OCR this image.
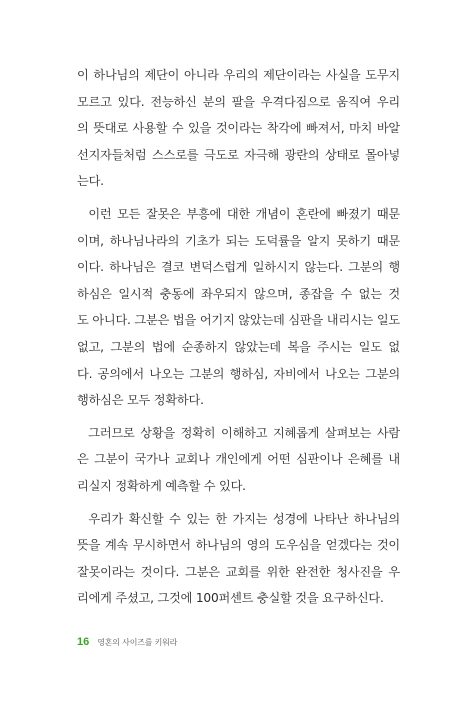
이 하나님의 제단이 아니라 우리의 제단이라는 사실을 도무지
모르고 있다. 전능하신 분의 팔을 우격다짐으로 움직여 우리
의 뜻대로 사용할 수 있을 것이라는 착각에 빠져서, 마치 바알
선지자들처럼 스스로를 극도로 자극해 광란의 상태로 몰아넣
는다.

이런 모든 잘못은 부흥에 대한 개념이 혼란에 빠졌기 때문
이며, 하나님나라의 기초가 되는 도덕률을 알지 못하기 때문
이다. 하나님은 결코 변덕스럽게 일하시지 않는다. 그분의 행
하심은 일시적 충동에 좌우되지 않으며, 종잡을 수 없는 것
도 아니다. 그분은 법을 어기지 않았는데 심판을 내리시는 일도
없고, 그분의 법에 순종하지 않았는데 복을 주시는 일도 없
다. 공의에서 나오는 그분의 행하심, 자비에서 나오는 그분의
행하심은 모두 정확하다.

그러므로 상황을 정확히 이해하고 지혜롭게 살펴보는 사람
은 그분이 국가나 교회나 개인에게 어떤 심판이나 은혜를 내
리실지 정확하게 예측할 수 있다.

우리가 확신할 수 있는 한 가지는 성경에 나타난 하나님의
뜻을 계속 무시하면서 하나님의 영의 도우심을 얻겠다는 것이
잘못이라는 것이다. 그분은 교회를 위한 완전한 청사진을 우
리에게 주셨고, 그것에 100퍼센트 충실할 것을 요구하신다.

16 영혼의 사이즈를 키워라
